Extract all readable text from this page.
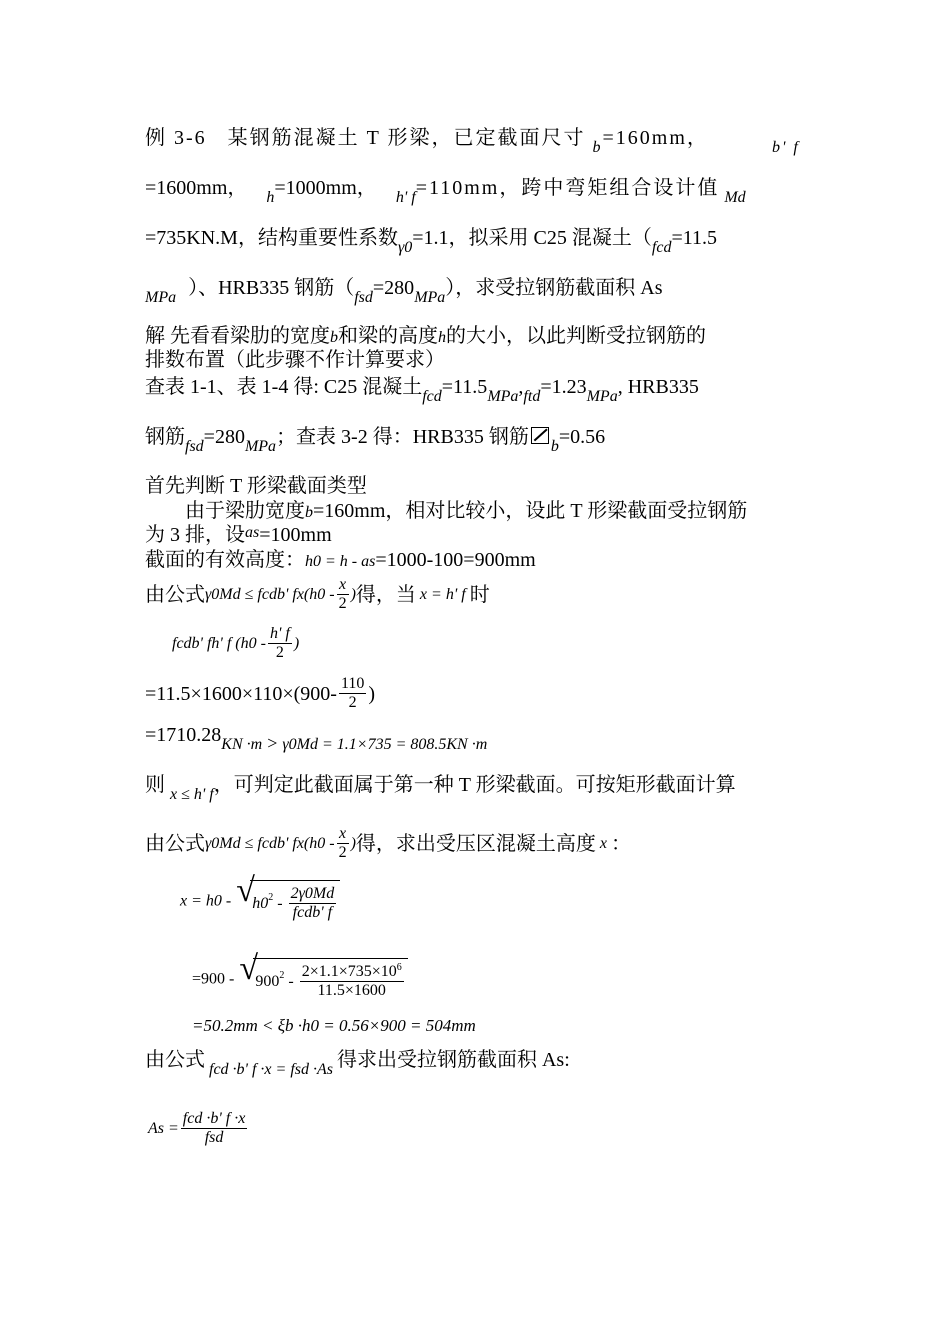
例 3-6 某钢筋混凝土 T 形梁，已定截面尺寸 $_b$=160mm，	b' f
=1600mm， $_h$=1000mm， $_{h' f}$=110mm，跨中弯矩组合设计值 $_{Md}$
=735KN.M，结构重要性系数$_{\gamma 0}$=1.1，拟采用 C25 混凝土（$_{fcd}=11.5$
$_{MPa}$ ）、HRB335 钢筋$(_{fsd}=280_{MPa})$，求受拉钢筋截面积 As
解 先看看梁肋的宽度b和梁的高度h的大小，以此判断受拉钢筋的
排数布置（此步骤不作计算要求）
查表 1-1、表 1-4 得: C25 混凝土$_{fcd}=11.5_{MPa},_{ftd}=1.23_{MPa}$, HRB335
钢筋$_{fsd}=280_{MPa}$；查表 3-2 得：HRB335 钢筋 $_b$=0.56
首先判断 T 形梁截面类型
由于梁肋宽度b=160mm，相对比较小，设此 T 形梁截面受拉钢筋
为 3 排，设$^{as}$=100mm
截面的有效高度：h0 = h - as=1000-100=900mm
由公式γ0Md ≤ fcdb' $fx(h0 - \frac{x}{2}$ )得，当 x = h' f 时
fcdb' fh' f ($h0 - \frac{h' f}{2}$ )
$=11.5\times 1600\times 110\times(900- \frac{110}{2}$ )
$=1710.28_{KN \cdot m} > _{\gamma 0Md = 1.1\times 735 = 808.5KN \cdot m}$
则 $_{x \le h' f}$，可判定此截面属于第一种 T 形梁截面。可按矩形截面计算
由公式γ0Md ≤ fcdb' $fx(h0 - \frac{x}{2}$ )得，求出受压区混凝土高度 x ：
x = h0 - √
$h0^2 - \frac{2\gamma 0Md}{\text{fcdb' f}}$
=900 - √
$900^2 - \frac{2\times 1.1\times 735\times 10^6}{11.5\times 1600}$
=50.2mm < ξb ·h0 = 0.56×900 = 504mm
由公式 $_{fcd \cdot b' f \cdot x = fsd \cdot As}$ 得求出受拉钢筋截面积 As:
$As = \frac{\text{fcd ·b' f ·x}}{\text{fsd}}$
